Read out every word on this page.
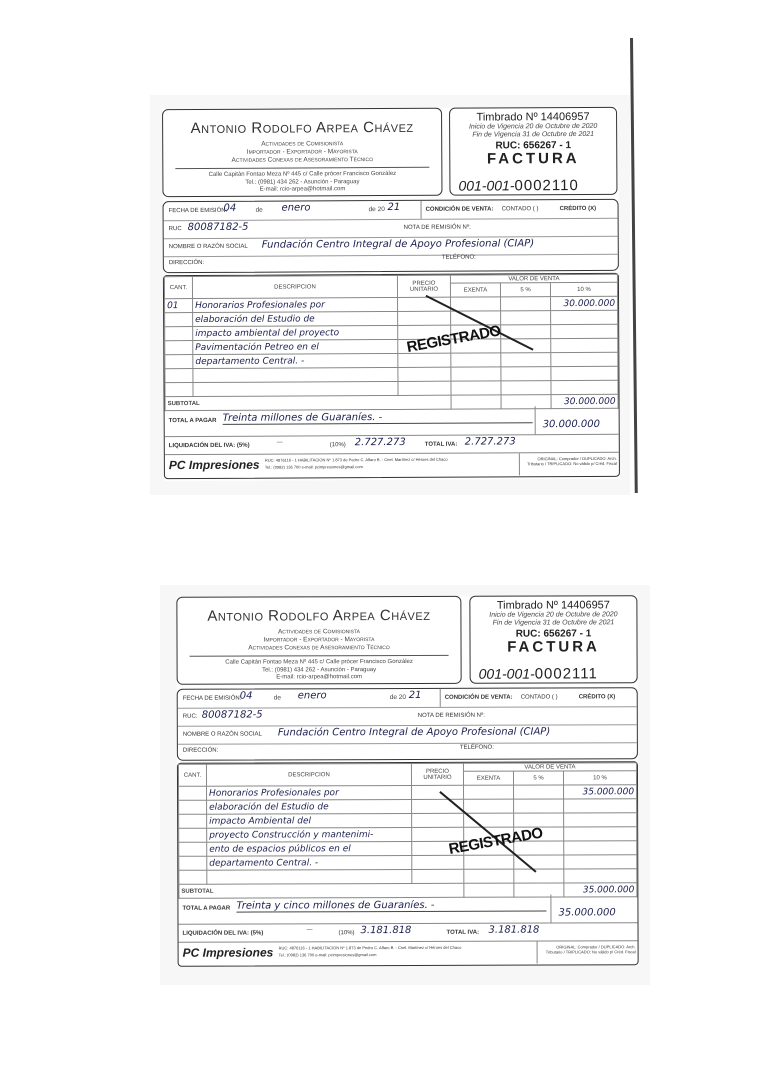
Antonio Rodolfo Arpea Chávez
Actividades de Comisionista
Importador - Exportador - Mayorista
Actividades Conexas de Asesoramiento Técnico
Calle Capitán Fontao Meza Nº 445 c/ Calle prócer Francisco González
Tel.: (0981) 434 262 - Asunción - Paraguay
E-mail: rcio-arpea@hotmail.com
Timbrado Nº 14406957
Inicio de Vigencia 20 de Octubre de 2020
Fin de Vigencia 31 de Octubre de 2021
RUC: 656267 - 1
FACTURA
001-001-0002110
FECHA DE EMISIÓN:
04	de enero	de 20 21	CONDICIÓN DE VENTA: CONTADO ( )	CRÉDITO (X)
RUC 80087182-5	NOTA DE REMISIÓN Nº:
NOMBRE O RAZÓN SOCIAL Fundación Centro Integral de Apoyo Profesional (CIAP)
DIRECCIÓN:
TELÉFONO:
CANT.	DESCRIPCION	PRECIO UNITARIO	VALOR DE VENTA		
			EXENTA	5 %	10 %
01	Honorarios Profesionales por				30.000.000
	elaboración del Estudio de				
	impacto ambiental del proyecto				
	Pavimentación Petreo en el				
	departamento Central. -				

SUBTOTAL					30.000.000
REGISTRADO
TOTAL A PAGAR Treinta millones de Guaraníes. -
30.000.000
LIQUIDACIÓN DEL IVA: (5%)
—	(10%) 2.727.273	TOTAL IVA: 2.727.273
PC Impresiones RUC: 4876116 - 1 HABILITACION Nº 1.873 de Pedro C. Alfaro B. - Cnel. Martínez c/ Héroes del Chaco
Tel.: (0982) 136 700 e-mail: pcimpresiones@gmail.com
ORIGINAL: Comprador / DUPLICADO: Arch. Tributario / TRIPLICADO: No válido p/ Créd. Fiscal
Antonio Rodolfo Arpea Chávez
Actividades de Comisionista
Importador - Exportador - Mayorista
Actividades Conexas de Asesoramiento Técnico
Calle Capitán Fontao Meza Nº 445 c/ Calle prócer Francisco González
Tel.: (0981) 434 262 - Asunción - Paraguay
E-mail: rcio-arpea@hotmail.com
Timbrado Nº 14406957
Inicio de Vigencia 20 de Octubre de 2020
Fin de Vigencia 31 de Octubre de 2021
RUC: 656267 - 1
FACTURA
001-001-0002111
FECHA DE EMISIÓN:
04	de enero	de 20 21	CONDICIÓN DE VENTA: CONTADO ( )	CRÉDITO (X)
RUC: 80087182-5	NOTA DE REMISIÓN Nº:
NOMBRE O RAZÓN SOCIAL Fundación Centro Integral de Apoyo Profesional (CIAP)
DIRECCIÓN:	TELÉFONO:
CANT.	DESCRIPCION	PRECIO UNITARIO	VALOR DE VENTA		
			EXENTA	5 %	10 %
	Honorarios Profesionales por				35.000.000
	elaboración del Estudio de				
	impacto Ambiental del				
	proyecto Construcción y mantenimi-				
	ento de espacios públicos en el				
	departamento Central. -				

SUBTOTAL					35.000.000
REGISTRADO
TOTAL A PAGAR Treinta y cinco millones de Guaraníes. -
35.000.000
LIQUIDACIÓN DEL IVA: (5%)
—	(10%) 3.181.818	TOTAL IVA: 3.181.818
PC Impresiones RUC: 4876116 - 1 HABILITACION Nº 1.873 de Pedro C. Alfaro B. - Cnel. Martínez c/ Héroes del Chaco
Tel.: (0982) 136 700 e-mail: pcimpresiones@gmail.com
ORIGINAL: Comprador / DUPLICADO: Arch. Tributario / TRIPLICADO: No válido p/ Créd. Fiscal
